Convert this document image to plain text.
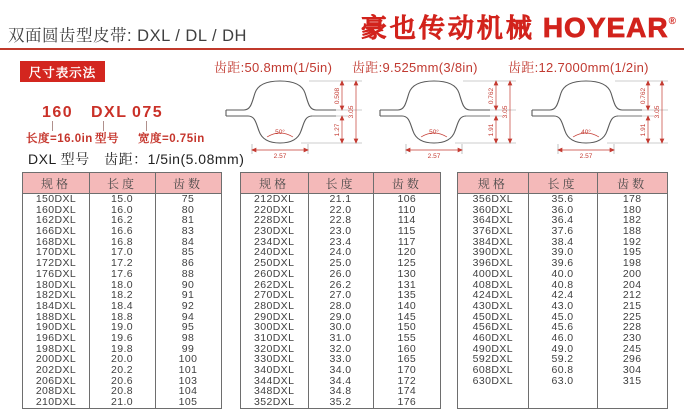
双面圆齿型皮带: DXL / DL / DH	豪也传动机械 HOYEAR ®
尺寸表示法
160 DXL 075
长度=16.0in 型号 宽度=0.75in
齿距:50.8mm(1/5in) 齿距:9.525mm(3/8in) 齿距:12.7000mm(1/2in)
0.508
1.27
3.05
50°
2.57
0.762
1.91
3.05
50°
2.57
0.762
1.91
3.05
40°
2.57
DXL 型号　齿距：1/5in(5.08mm)
规格	长度	齿数
150DXL	15.0	75
160DXL	16.0	80
162DXL	16.2	81
166DXL	16.6	83
168DXL	16.8	84
170DXL	17.0	85
172DXL	17.2	86
176DXL	17.6	88
180DXL	18.0	90
182DXL	18.2	91
184DXL	18.4	92
188DXL	18.8	94
190DXL	19.0	95
196DXL	19.6	98
198DXL	19.8	99
200DXL	20.0	100
202DXL	20.2	101
206DXL	20.6	103
208DXL	20.8	104
210DXL	21.0	105
规格	长度	齿数
212DXL	21.1	106
220DXL	22.0	110
228DXL	22.8	114
230DXL	23.0	115
234DXL	23.4	117
240DXL	24.0	120
250DXL	25.0	125
260DXL	26.0	130
262DXL	26.2	131
270DXL	27.0	135
280DXL	28.0	140
290DXL	29.0	145
300DXL	30.0	150
310DXL	31.0	155
320DXL	32.0	160
330DXL	33.0	165
340DXL	34.0	170
344DXL	34.4	172
348DXL	34.8	174
352DXL	35.2	176
规格	长度	齿数
356DXL	35.6	178
360DXL	36.0	180
364DXL	36.4	182
376DXL	37.6	188
384DXL	38.4	192
390DXL	39.0	195
396DXL	39.6	198
400DXL	40.0	200
408DXL	40.8	204
424DXL	42.4	212
430DXL	43.0	215
450DXL	45.0	225
456DXL	45.6	228
460DXL	46.0	230
490DXL	49.0	245
592DXL	59.2	296
608DXL	60.8	304
630DXL	63.0	315
